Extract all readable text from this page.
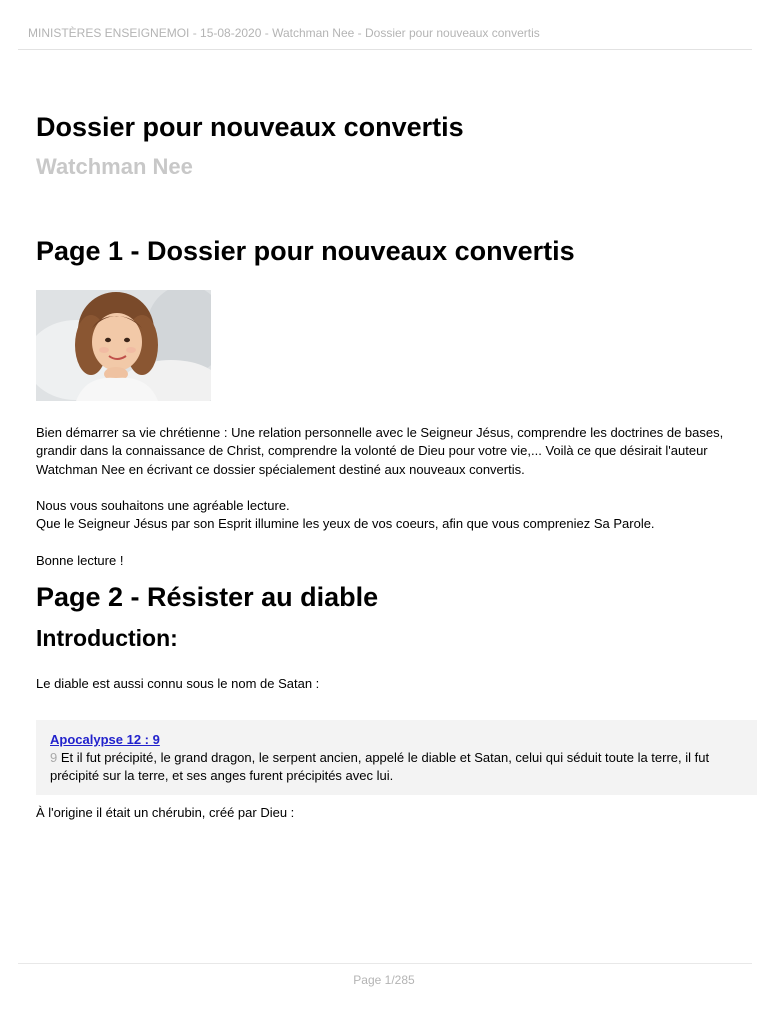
MINISTÈRES ENSEIGNEMOI - 15-08-2020 - Watchman Nee - Dossier pour nouveaux convertis
Dossier pour nouveaux convertis
Watchman Nee
Page 1 - Dossier pour nouveaux convertis

Bien démarrer sa vie chrétienne : Une relation personnelle avec le Seigneur Jésus, comprendre les doctrines de bases,
grandir dans la connaissance de Christ, comprendre la volonté de Dieu pour votre vie,... Voilà ce que désirait l'auteur
Watchman Nee en écrivant ce dossier spécialement destiné aux nouveaux convertis.

Nous vous souhaitons une agréable lecture.
Que le Seigneur Jésus par son Esprit illumine les yeux de vos coeurs, afin que vous compreniez Sa Parole.

Bonne lecture !

Page 2 - Résister au diable
Introduction:

Le diable est aussi connu sous le nom de Satan :

Apocalypse 12 : 9

9 Et il fut précipité, le grand dragon, le serpent ancien, appelé le diable et Satan, celui qui séduit toute la terre, il fut
précipité sur la terre, et ses anges furent précipités avec lui.

À l'origine il était un chérubin, créé par Dieu :

Page 1/285
